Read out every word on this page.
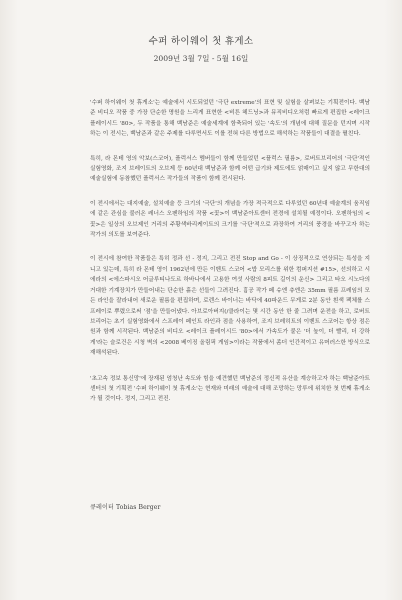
수퍼 하이웨이 첫 휴게소
2009년 3월 7일 - 5월 16일

'수퍼 하이웨이 첫 휴게소'는 예술에서 시도되었던 '극단 extreme'의 표현 및 실험을 살펴보는 기획전이다. 백남준 비디오 작품 중 가장 단순한 명원을 느리게 표현한 <비튼 헤드닝>과 뮤직비디오처럼 빠르게 편집한 <레이크 플레이시드 '80>, 두 작품을 통해 백남준은 예술세계에 함축되어 있는 '속도'의 개념에 대해 질문을 던지며 시작하는 이 전시는, 백남준과 같은 주제를 다루면서도 이를 전혀 다른 방법으로 해석하는 작품들이 대결을 펼친다.

특히, 라 몬테 영의 악보(스코어), 플럭서스 멤버들이 함께 만들었던 <플럭스 필름>, 로버트브리어의 '극단'적인 실험영화, 조지 브레이트의 오브제 등 60년대 백남준과 함께 어떤 급기와 제도에도 얽매이고 싶지 않고 무한대의 예술실험에 동참했던 플럭서스 작가들의 작품이 함께 전시된다.

이 전시에서는 대지예술, 설치예술 등 크기의 '극단'의 개념을 가장 적극적으로 다루었던 60년대 예술계의 움직임에 같은 관심을 불러온 레너스 오펜하임의 작품 <꽃>이 백남준아트센터 전경에 설치될 예정이다. 오펜하임의 <꽃>은 일상의 오브제인 거리의 주황색바리케이트의 크기를 '극단'적으로 과장하여 거리의 풍경을 바꾸고자 하는 작가의 의도를 보여준다.

이 전시에 참여한 작품들은 특히 정과 선 - 정지, 그리고 전진 Stop and Go - 이 상징적으로 연상되는 특성을 지니고 있는데, 특히 라 몬테 영이 1962년에 만든 이벤트 스코어 <밥 모리스를 위한 컴퍼지션 #15>, 선의하고 시에라의 <에스파시오 어글루티나도르 하바나에서 고용한 여섯 사람의 8피트 길이의 운신> 그리고 타오 시노다의 거대한 기계장치가 만들어내는 단순한 흙은 선들이 그려진다. 흉공 작가 페 슈엔 츄엔은 35mm 필름 프레임의 모든 라인을 잘라내어 새로운 필름을 편집하며, 로렌스 바이너는 바닥에 40파운드 무게로 2분 동안 흰색 팩체를 스프레이로 뿌렸으로써 '점'을 만들어냈다. 아브로아버지(/클라이는 몇 시간 동안 한 줄 그려며 운전을 하고, 로버트 브리어는 초기 실험영화에서 스프레이 페인트 라인과 점을 사용하여, 조지 브레히트의 이벤트 스코어는 항상 점은 원과 함께 시작된다. 백남준의 비디오 <레이크 플레이시드 '80>에서 가속도가 붙은 '더 높이, 더 빨리, 더 강하게'라는 슬로건은 시청 벽의 <2008 베이징 올림픽 게임>이라는 작품에서 좀더 인간적이고 유머러스한 방식으로 재해석된다.

'초고속 정보 통신망'에 장재된 엄청난 속도와 힘을 예견했던 백남준의 정신적 유산을 계승하고자 하는 백남준아트센터의 첫 기획전 '수퍼 하이웨이 첫 휴게소'는 현재와 미래의 예술에 대해 조망하는 망루에 위치한 첫 번째 휴게소가 될 것이다. 정지, 그리고 전진.

큐레이터 Tobias Berger
